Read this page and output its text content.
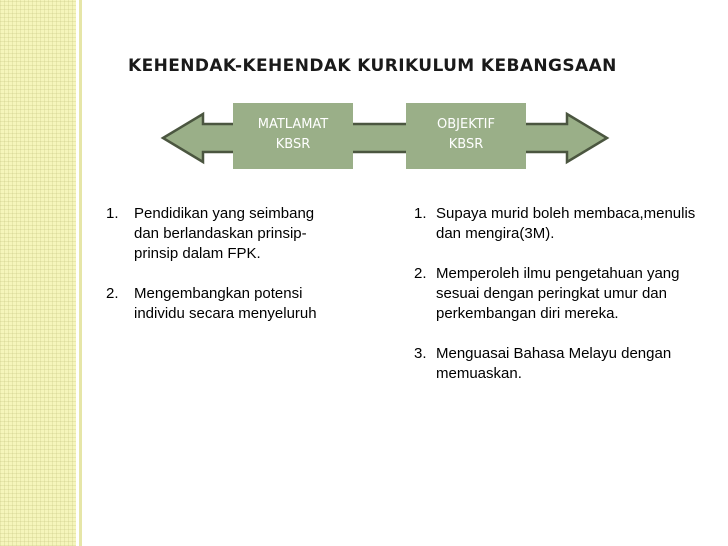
KEHENDAK-KEHENDAK KURIKULUM KEBANGSAAN
MATLAMAT
KBSR
OBJEKTIF
KBSR
1. Pendidikan yang seimbang dan berlandaskan prinsip-prinsip dalam FPK.
2. Mengembangkan potensi individu secara menyeluruh
1. Supaya murid boleh membaca,menulis dan mengira(3M).
2. Memperoleh ilmu pengetahuan yang sesuai dengan peringkat umur dan perkembangan diri mereka.
3. Menguasai Bahasa Melayu dengan memuaskan.
